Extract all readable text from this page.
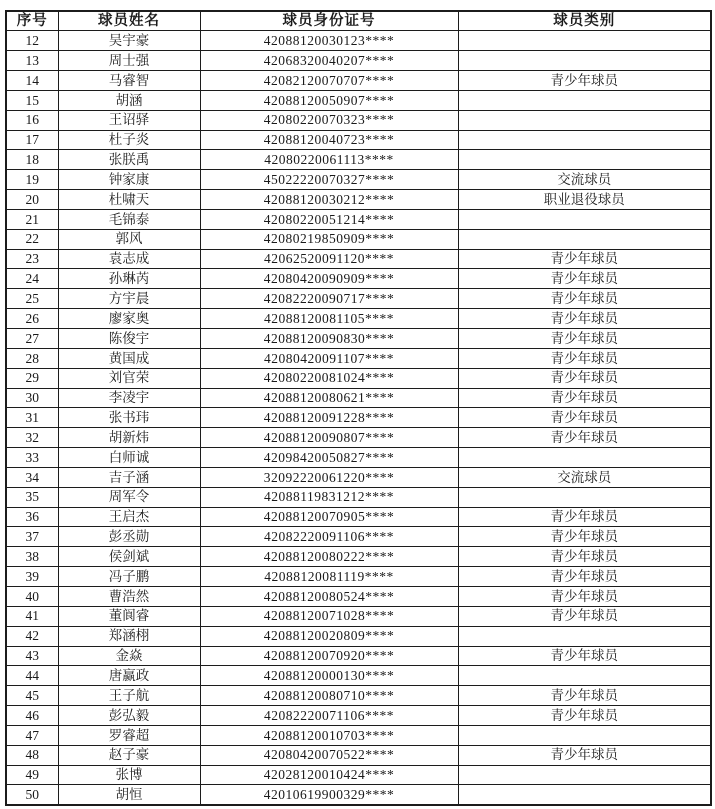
序号	球员姓名	球员身份证号	球员类别
12	吴宇豪	42088120030123****	
13	周士强	42068320040207****	
14	马睿智	42082120070707****	青少年球员
15	胡涵	42088120050907****	
16	王诏驿	42080220070323****	
17	杜子炎	42088120040723****	
18	张朕禹	42080220061113****	
19	钟家康	45022220070327****	交流球员
20	杜啸天	42088120030212****	职业退役球员
21	毛锦泰	42080220051214****	
22	郭风	42080219850909****	
23	袁志成	42062520091120****	青少年球员
24	孙琳芮	42080420090909****	青少年球员
25	方宇晨	42082220090717****	青少年球员
26	廖家奥	42088120081105****	青少年球员
27	陈俊宇	42088120090830****	青少年球员
28	黄国成	42080420091107****	青少年球员
29	刘官荣	42080220081024****	青少年球员
30	李凌宇	42088120080621****	青少年球员
31	张书玮	42088120091228****	青少年球员
32	胡新炜	42088120090807****	青少年球员
33	白师诚	42098420050827****	
34	吉子涵	32092220061220****	交流球员
35	周军令	42088119831212****	
36	王启杰	42088120070905****	青少年球员
37	彭丞勋	42082220091106****	青少年球员
38	侯剑斌	42088120080222****	青少年球员
39	冯子鹏	42088120081119****	青少年球员
40	曹浩然	42088120080524****	青少年球员
41	董阆睿	42088120071028****	青少年球员
42	郑涵栩	42088120020809****	
43	金焱	42088120070920****	青少年球员
44	唐赢政	42088120000130****	
45	王子航	42088120080710****	青少年球员
46	彭弘毅	42082220071106****	青少年球员
47	罗睿超	42088120010703****	
48	赵子豪	42080420070522****	青少年球员
49	张博	42028120010424****	
50	胡恒	42010619900329****	
